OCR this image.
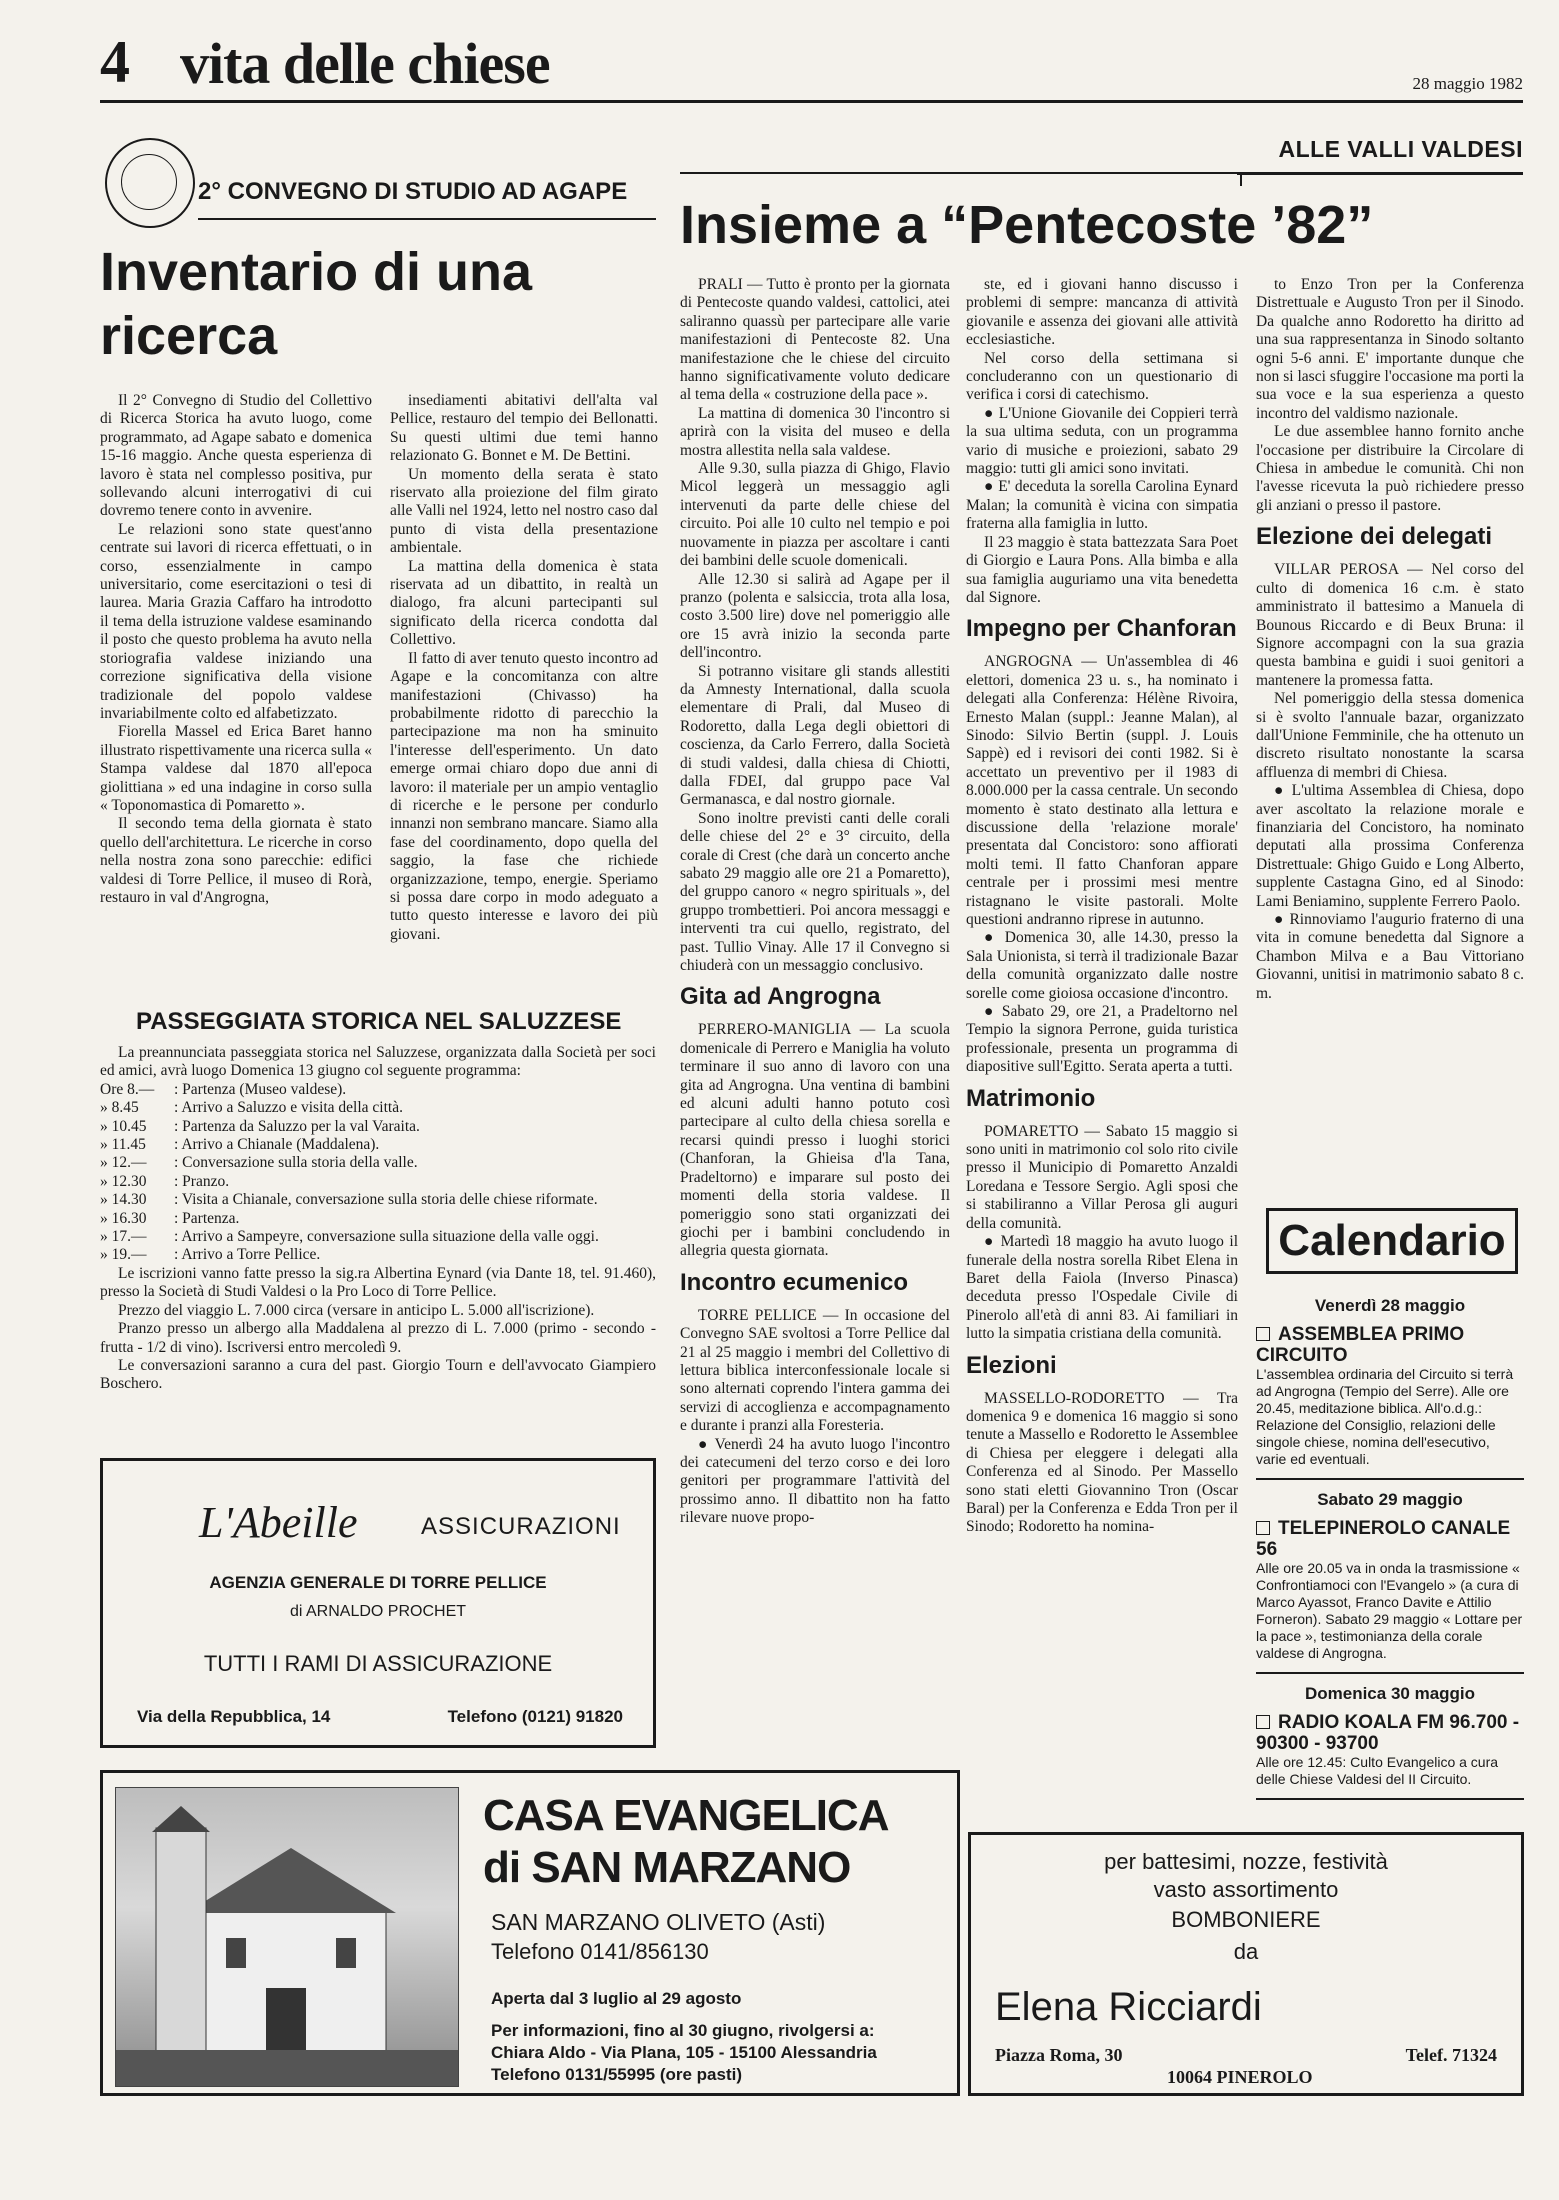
4 vita delle chiese	28 maggio 1982
ALLE VALLI VALDESI
2° CONVEGNO DI STUDIO AD AGAPE
Inventario di una ricerca

Il 2° Convegno di Studio del Collettivo di Ricerca Storica ha avuto luogo, come programmato, ad Agape sabato e domenica 15-16 maggio. Anche questa esperienza di lavoro è stata nel complesso positiva, pur sollevando alcuni interrogativi di cui dovremo tenere conto in avvenire.

Le relazioni sono state quest'anno centrate sui lavori di ricerca effettuati, o in corso, essenzialmente in campo universitario, come esercitazioni o tesi di laurea. Maria Grazia Caffaro ha introdotto il tema della istruzione valdese esaminando il posto che questo problema ha avuto nella storiografia valdese iniziando una correzione significativa della visione tradizionale del popolo valdese invariabilmente colto ed alfabetizzato.

Fiorella Massel ed Erica Baret hanno illustrato rispettivamente una ricerca sulla « Stampa valdese dal 1870 all'epoca giolittiana » ed una indagine in corso sulla « Toponomastica di Pomaretto ».

Il secondo tema della giornata è stato quello dell'architettura. Le ricerche in corso nella nostra zona sono parecchie: edifici valdesi di Torre Pellice, il museo di Rorà, restauro in val d'Angrogna,

insediamenti abitativi dell'alta val Pellice, restauro del tempio dei Bellonatti. Su questi ultimi due temi hanno relazionato G. Bonnet e M. De Bettini.

Un momento della serata è stato riservato alla proiezione del film girato alle Valli nel 1924, letto nel nostro caso dal punto di vista della presentazione ambientale.

La mattina della domenica è stata riservata ad un dibattito, in realtà un dialogo, fra alcuni partecipanti sul significato della ricerca condotta dal Collettivo.

Il fatto di aver tenuto questo incontro ad Agape e la concomitanza con altre manifestazioni (Chivasso) ha probabilmente ridotto di parecchio la partecipazione ma non ha sminuito l'interesse dell'esperimento. Un dato emerge ormai chiaro dopo due anni di lavoro: il materiale per un ampio ventaglio di ricerche e le persone per condurlo innanzi non sembrano mancare. Siamo alla fase del coordinamento, dopo quella del saggio, la fase che richiede organizzazione, tempo, energie. Speriamo si possa dare corpo in modo adeguato a tutto questo interesse e lavoro dei più giovani.

PASSEGGIATA STORICA NEL SALUZZESE

La preannunciata passeggiata storica nel Saluzzese, organizzata dalla Società per soci ed amici, avrà luogo Domenica 13 giugno col seguente programma:

Ore 8.—	: Partenza (Museo valdese).
» 8.45	: Arrivo a Saluzzo e visita della città.
» 10.45	: Partenza da Saluzzo per la val Varaita.
» 11.45	: Arrivo a Chianale (Maddalena).
» 12.—	: Conversazione sulla storia della valle.
» 12.30	: Pranzo.
» 14.30	: Visita a Chianale, conversazione sulla storia delle chiese riformate.
» 16.30	: Partenza.
» 17.—	: Arrivo a Sampeyre, conversazione sulla situazione della valle oggi.
» 19.—	: Arrivo a Torre Pellice.

Le iscrizioni vanno fatte presso la sig.ra Albertina Eynard (via Dante 18, tel. 91.460), presso la Società di Studi Valdesi o la Pro Loco di Torre Pellice.

Prezzo del viaggio L. 7.000 circa (versare in anticipo L. 5.000 all'iscrizione).

Pranzo presso un albergo alla Maddalena al prezzo di L. 7.000 (primo - secondo - frutta - 1/2 di vino). Iscriversi entro mercoledì 9.

Le conversazioni saranno a cura del past. Giorgio Tourn e dell'avvocato Giampiero Boschero.

L'Abeille	ASSICURAZIONI
AGENZIA GENERALE DI TORRE PELLICE
di ARNALDO PROCHET
TUTTI I RAMI DI ASSICURAZIONE
Via della Repubblica, 14	Telefono (0121) 91820
CASA EVANGELICA
di SAN MARZANO
SAN MARZANO OLIVETO (Asti)
Telefono 0141/856130
Aperta dal 3 luglio al 29 agosto
Per informazioni, fino al 30 giugno, rivolgersi a:
Chiara Aldo - Via Plana, 105 - 15100 Alessandria
Telefono 0131/55995 (ore pasti)
Insieme a “Pentecoste ’82”

PRALI — Tutto è pronto per la giornata di Pentecoste quando valdesi, cattolici, atei saliranno quassù per partecipare alle varie manifestazioni di Pentecoste 82. Una manifestazione che le chiese del circuito hanno significativamente voluto dedicare al tema della « costruzione della pace ».

La mattina di domenica 30 l'incontro si aprirà con la visita del museo e della mostra allestita nella sala valdese.

Alle 9.30, sulla piazza di Ghigo, Flavio Micol leggerà un messaggio agli intervenuti da parte delle chiese del circuito. Poi alle 10 culto nel tempio e poi nuovamente in piazza per ascoltare i canti dei bambini delle scuole domenicali.

Alle 12.30 si salirà ad Agape per il pranzo (polenta e salsiccia, trota alla losa, costo 3.500 lire) dove nel pomeriggio alle ore 15 avrà inizio la seconda parte dell'incontro.

Si potranno visitare gli stands allestiti da Amnesty International, dalla scuola elementare di Prali, dal Museo di Rodoretto, dalla Lega degli obiettori di coscienza, da Carlo Ferrero, dalla Società di studi valdesi, dalla chiesa di Chiotti, dalla FDEI, dal gruppo pace Val Germanasca, e dal nostro giornale.

Sono inoltre previsti canti delle corali delle chiese del 2° e 3° circuito, della corale di Crest (che darà un concerto anche sabato 29 maggio alle ore 21 a Pomaretto), del gruppo canoro « negro spirituals », del gruppo trombettieri. Poi ancora messaggi e interventi tra cui quello, registrato, del past. Tullio Vinay. Alle 17 il Convegno si chiuderà con un messaggio conclusivo.

Gita ad Angrogna

PERRERO-MANIGLIA — La scuola domenicale di Perrero e Maniglia ha voluto terminare il suo anno di lavoro con una gita ad Angrogna. Una ventina di bambini ed alcuni adulti hanno potuto così partecipare al culto della chiesa sorella e recarsi quindi presso i luoghi storici (Chanforan, la Ghieisa d'la Tana, Pradeltorno) e imparare sul posto dei momenti della storia valdese. Il pomeriggio sono stati organizzati dei giochi per i bambini concludendo in allegria questa giornata.

Incontro ecumenico

TORRE PELLICE — In occasione del Convegno SAE svoltosi a Torre Pellice dal 21 al 25 maggio i membri del Collettivo di lettura biblica interconfessionale locale si sono alternati coprendo l'intera gamma dei servizi di accoglienza e accompagnamento e durante i pranzi alla Foresteria.

● Venerdì 24 ha avuto luogo l'incontro dei catecumeni del terzo corso e dei loro genitori per programmare l'attività del prossimo anno. Il dibattito non ha fatto rilevare nuove propo-

ste, ed i giovani hanno discusso i problemi di sempre: mancanza di attività giovanile e assenza dei giovani alle attività ecclesiastiche.

Nel corso della settimana si concluderanno con un questionario di verifica i corsi di catechismo.

● L'Unione Giovanile dei Coppieri terrà la sua ultima seduta, con un programma vario di musiche e proiezioni, sabato 29 maggio: tutti gli amici sono invitati.

● E' deceduta la sorella Carolina Eynard Malan; la comunità è vicina con simpatia fraterna alla famiglia in lutto.

Il 23 maggio è stata battezzata Sara Poet di Giorgio e Laura Pons. Alla bimba e alla sua famiglia auguriamo una vita benedetta dal Signore.

Impegno per Chanforan

ANGROGNA — Un'assemblea di 46 elettori, domenica 23 u. s., ha nominato i delegati alla Conferenza: Hélène Rivoira, Ernesto Malan (suppl.: Jeanne Malan), al Sinodo: Silvio Bertin (suppl. J. Louis Sappè) ed i revisori dei conti 1982. Si è accettato un preventivo per il 1983 di 8.000.000 per la cassa centrale. Un secondo momento è stato destinato alla lettura e discussione della 'relazione morale' presentata dal Concistoro: sono affiorati molti temi. Il fatto Chanforan appare centrale per i prossimi mesi mentre ristagnano le visite pastorali. Molte questioni andranno riprese in autunno.

● Domenica 30, alle 14.30, presso la Sala Unionista, si terrà il tradizionale Bazar della comunità organizzato dalle nostre sorelle come gioiosa occasione d'incontro.

● Sabato 29, ore 21, a Pradeltorno nel Tempio la signora Perrone, guida turistica professionale, presenta un programma di diapositive sull'Egitto. Serata aperta a tutti.

Matrimonio

POMARETTO — Sabato 15 maggio si sono uniti in matrimonio col solo rito civile presso il Municipio di Pomaretto Anzaldi Loredana e Tessore Sergio. Agli sposi che si stabiliranno a Villar Perosa gli auguri della comunità.

● Martedì 18 maggio ha avuto luogo il funerale della nostra sorella Ribet Elena in Baret della Faiola (Inverso Pinasca) deceduta presso l'Ospedale Civile di Pinerolo all'età di anni 83. Ai familiari in lutto la simpatia cristiana della comunità.

Elezioni

MASSELLO-RODORETTO — Tra domenica 9 e domenica 16 maggio si sono tenute a Massello e Rodoretto le Assemblee di Chiesa per eleggere i delegati alla Conferenza ed al Sinodo. Per Massello sono stati eletti Giovannino Tron (Oscar Baral) per la Conferenza e Edda Tron per il Sinodo; Rodoretto ha nomina-

to Enzo Tron per la Conferenza Distrettuale e Augusto Tron per il Sinodo. Da qualche anno Rodoretto ha diritto ad una sua rappresentanza in Sinodo soltanto ogni 5-6 anni. E' importante dunque che non si lasci sfuggire l'occasione ma porti la sua voce e la sua esperienza a questo incontro del valdismo nazionale.

Le due assemblee hanno fornito anche l'occasione per distribuire la Circolare di Chiesa in ambedue le comunità. Chi non l'avesse ricevuta la può richiedere presso gli anziani o presso il pastore.

Elezione dei delegati

VILLAR PEROSA — Nel corso del culto di domenica 16 c.m. è stato amministrato il battesimo a Manuela di Bounous Riccardo e di Beux Bruna: il Signore accompagni con la sua grazia questa bambina e guidi i suoi genitori a mantenere la promessa fatta.

Nel pomeriggio della stessa domenica si è svolto l'annuale bazar, organizzato dall'Unione Femminile, che ha ottenuto un discreto risultato nonostante la scarsa affluenza di membri di Chiesa.

● L'ultima Assemblea di Chiesa, dopo aver ascoltato la relazione morale e finanziaria del Concistoro, ha nominato deputati alla prossima Conferenza Distrettuale: Ghigo Guido e Long Alberto, supplente Castagna Gino, ed al Sinodo: Lami Beniamino, supplente Ferrero Paolo.

● Rinnoviamo l'augurio fraterno di una vita in comune benedetta dal Signore a Chambon Milva e a Bau Vittoriano Giovanni, unitisi in matrimonio sabato 8 c. m.

Calendario
Venerdì 28 maggio
ASSEMBLEA PRIMO CIRCUITO
L'assemblea ordinaria del Circuito si terrà ad Angrogna (Tempio del Serre). Alle ore 20.45, meditazione biblica. All'o.d.g.: Relazione del Consiglio, relazioni delle singole chiese, nomina dell'esecutivo, varie ed eventuali.
Sabato 29 maggio
TELEPINEROLO CANALE 56
Alle ore 20.05 va in onda la trasmissione « Confrontiamoci con l'Evangelo » (a cura di Marco Ayassot, Franco Davite e Attilio Forneron). Sabato 29 maggio « Lottare per la pace », testimonianza della corale valdese di Angrogna.
Domenica 30 maggio
RADIO KOALA FM 96.700 - 90300 - 93700
Alle ore 12.45: Culto Evangelico a cura delle Chiese Valdesi del II Circuito.
per battesimi, nozze, festività
vasto assortimento
BOMBONIERE
da
Elena Ricciardi
Piazza Roma, 30
10064 PINEROLO
Telef. 71324
